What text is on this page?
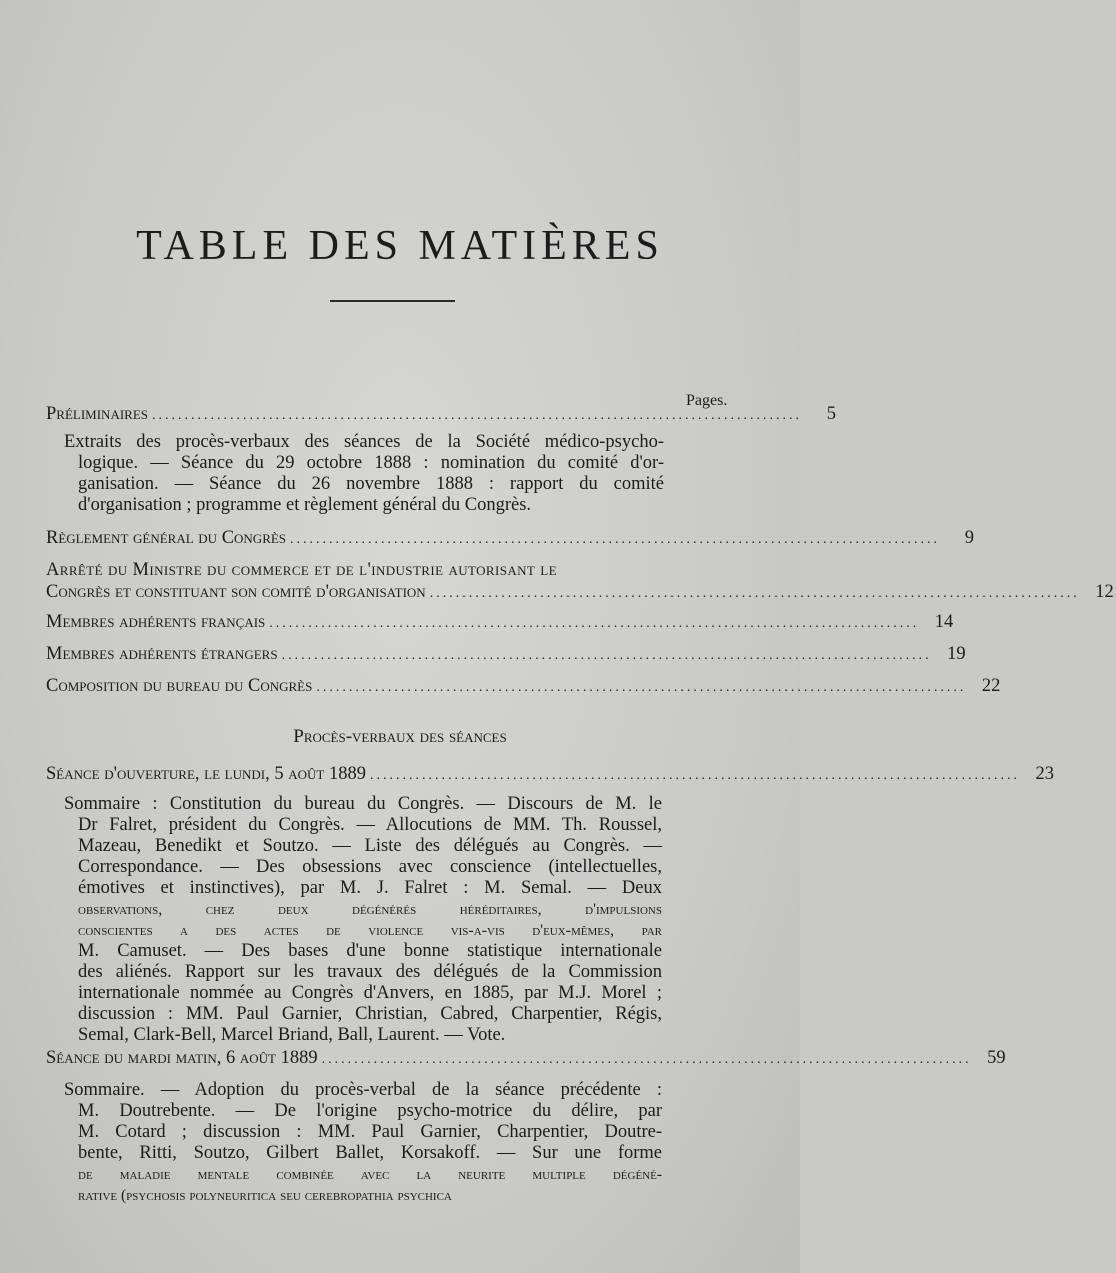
TABLE DES MATIÈRES
Pages.
Préliminaires ....................................................................................................	5
Extraits des procès-verbaux des séances de la Société médico-psycho-
logique. — Séance du 29 octobre 1888 : nomination du comité d'or-
ganisation. — Séance du 26 novembre 1888 : rapport du comité
d'organisation ; programme et règlement général du Congrès.
Règlement général du Congrès ....................................................................................................	9
Arrêté du Ministre du commerce et de l'industrie autorisant le
Congrès et constituant son comité d'organisation .................................................................................................... 12
Membres adhérents français .................................................................................................... 14
Membres adhérents étrangers .................................................................................................... 19
Composition du bureau du Congrès .................................................................................................... 22
Procès-verbaux des séances
Séance d'ouverture, le lundi, 5 août 1889 .................................................................................................... 23
Sommaire : Constitution du bureau du Congrès. — Discours de M. le
Dr Falret, président du Congrès. — Allocutions de MM. Th. Roussel,
Mazeau, Benedikt et Soutzo. — Liste des délégués au Congrès. —
Correspondance. — Des obsessions avec conscience (intellectuelles,
émotives et instinctives), par M. J. Falret : M. Semal. — Deux
observations, chez deux dégénérés héréditaires, d'impulsions
conscientes a des actes de violence vis-a-vis d'eux-mêmes, par
M. Camuset. — Des bases d'une bonne statistique internationale
des aliénés. Rapport sur les travaux des délégués de la Commission
internationale nommée au Congrès d'Anvers, en 1885, par M.J. Morel ;
discussion : MM. Paul Garnier, Christian, Cabred, Charpentier, Régis,
Semal, Clark-Bell, Marcel Briand, Ball, Laurent. — Vote.
Séance du mardi matin, 6 août 1889 .................................................................................................... 59
Sommaire. — Adoption du procès-verbal de la séance précédente :
M. Doutrebente. — De l'origine psycho-motrice du délire, par
M. Cotard ; discussion : MM. Paul Garnier, Charpentier, Doutre-
bente, Ritti, Soutzo, Gilbert Ballet, Korsakoff. — Sur une forme
de maladie mentale combinée avec la neurite multiple dégéné-
rative (psychosis polyneuritica seu cerebropathia psychica
